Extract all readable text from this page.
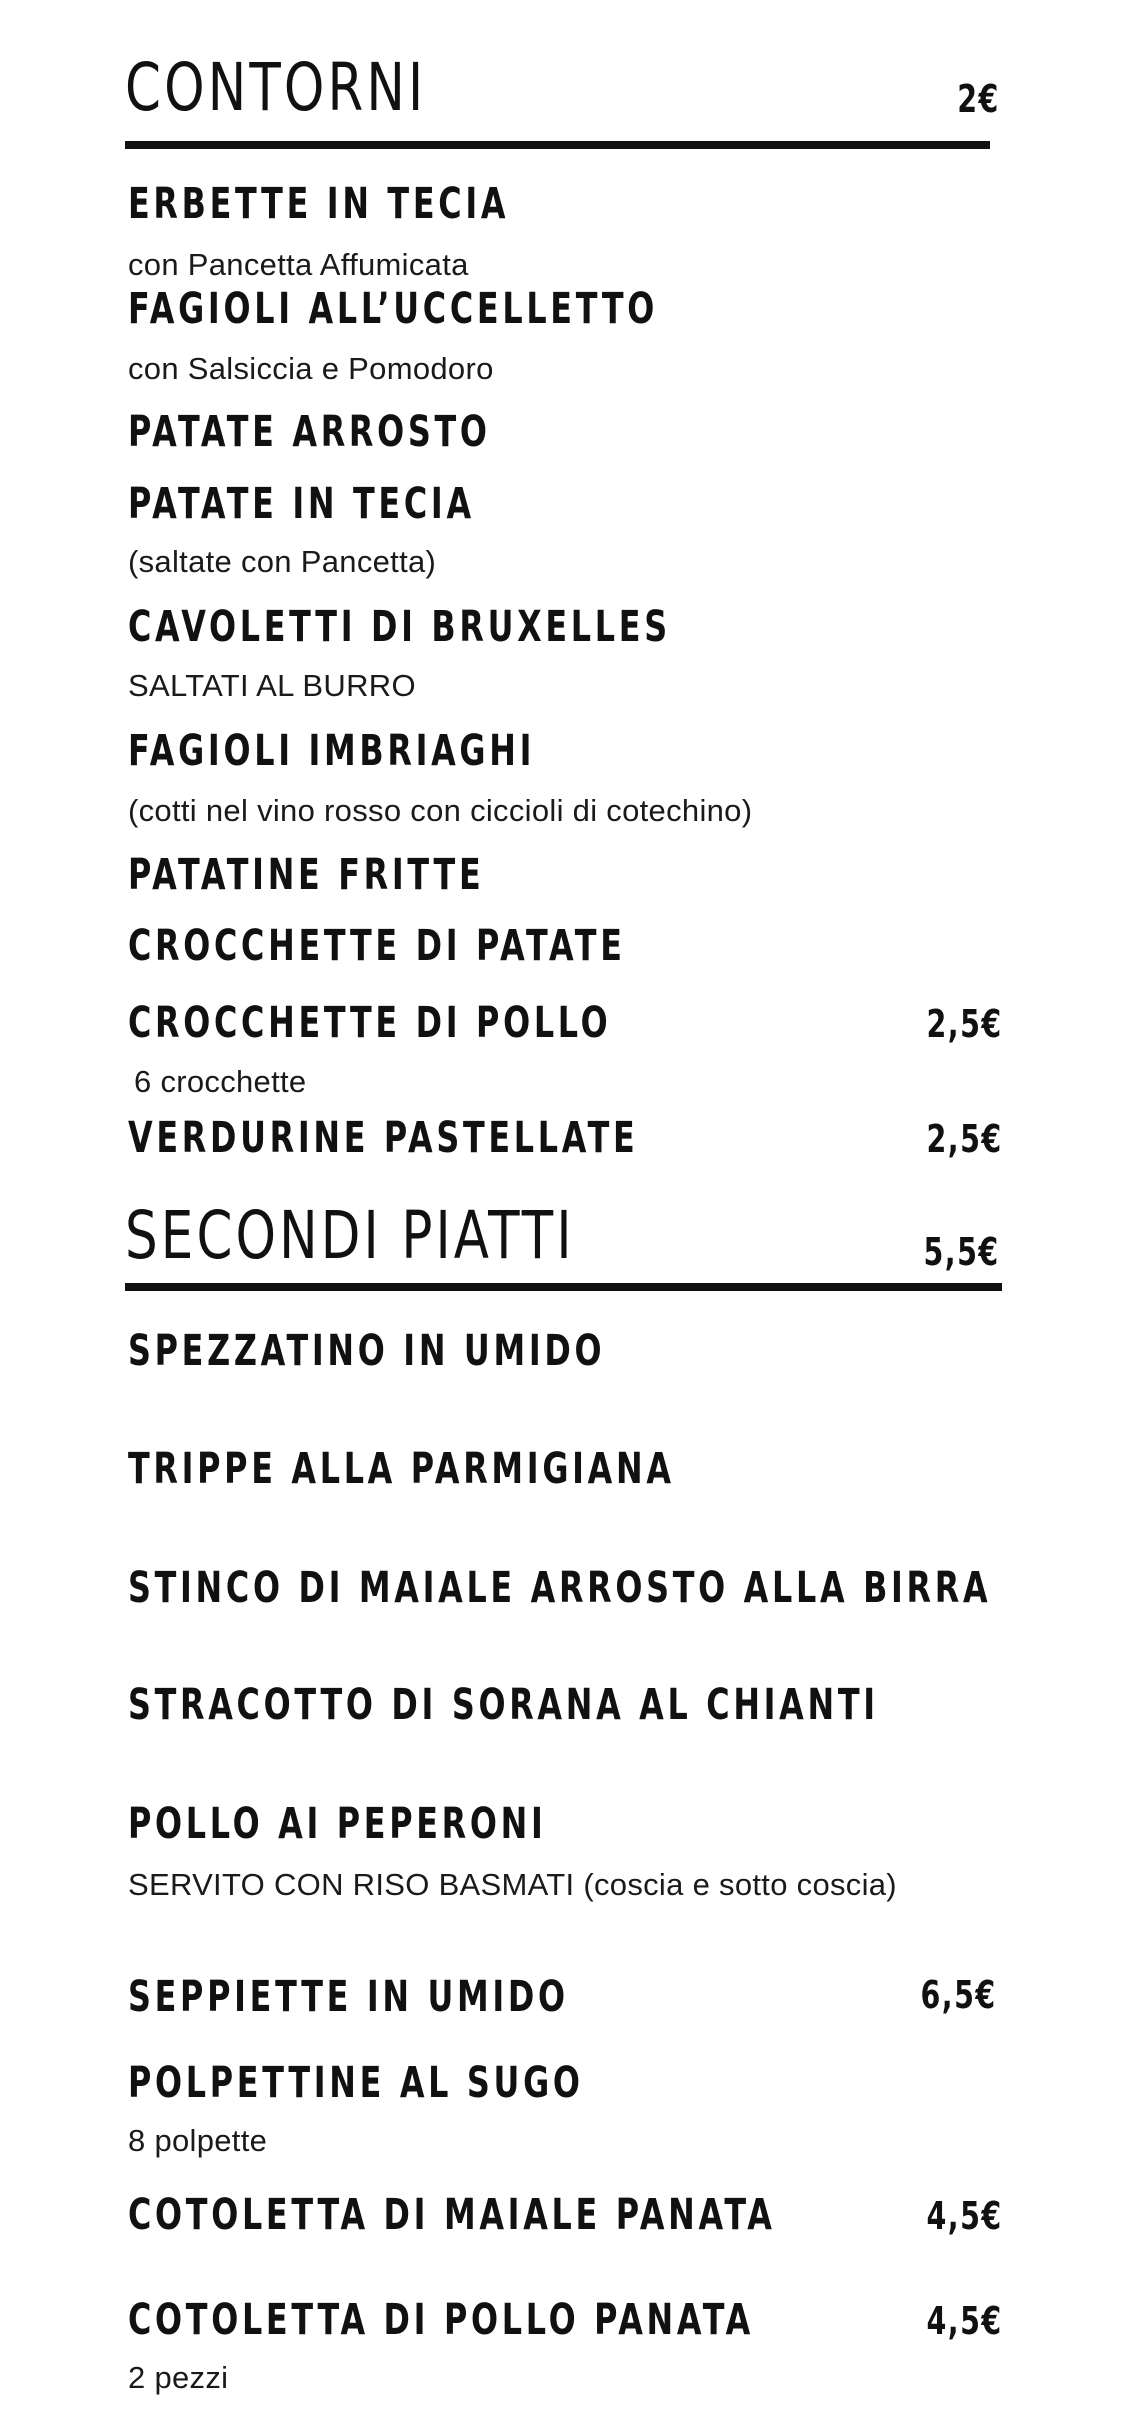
CONTORNI	2€
ERBETTE IN TECIA
con Pancetta Affumicata
FAGIOLI ALL’UCCELLETTO
con Salsiccia e Pomodoro
PATATE ARROSTO
PATATE IN TECIA
(saltate con Pancetta)
CAVOLETTI DI BRUXELLES
SALTATI AL BURRO
FAGIOLI IMBRIAGHI
(cotti nel vino rosso con ciccioli di cotechino)
PATATINE FRITTE
CROCCHETTE DI PATATE
CROCCHETTE DI POLLO	2,5€
6 crocchette
VERDURINE PASTELLATE	2,5€
SECONDI PIATTI	5,5€
SPEZZATINO IN UMIDO
TRIPPE ALLA PARMIGIANA
STINCO DI MAIALE ARROSTO ALLA BIRRA
STRACOTTO DI SORANA AL CHIANTI
POLLO AI PEPERONI
SERVITO CON RISO BASMATI (coscia e sotto coscia)
SEPPIETTE IN UMIDO	6,5€
POLPETTINE AL SUGO
8 polpette
COTOLETTA DI MAIALE PANATA	4,5€
COTOLETTA DI POLLO PANATA	4,5€
2 pezzi
